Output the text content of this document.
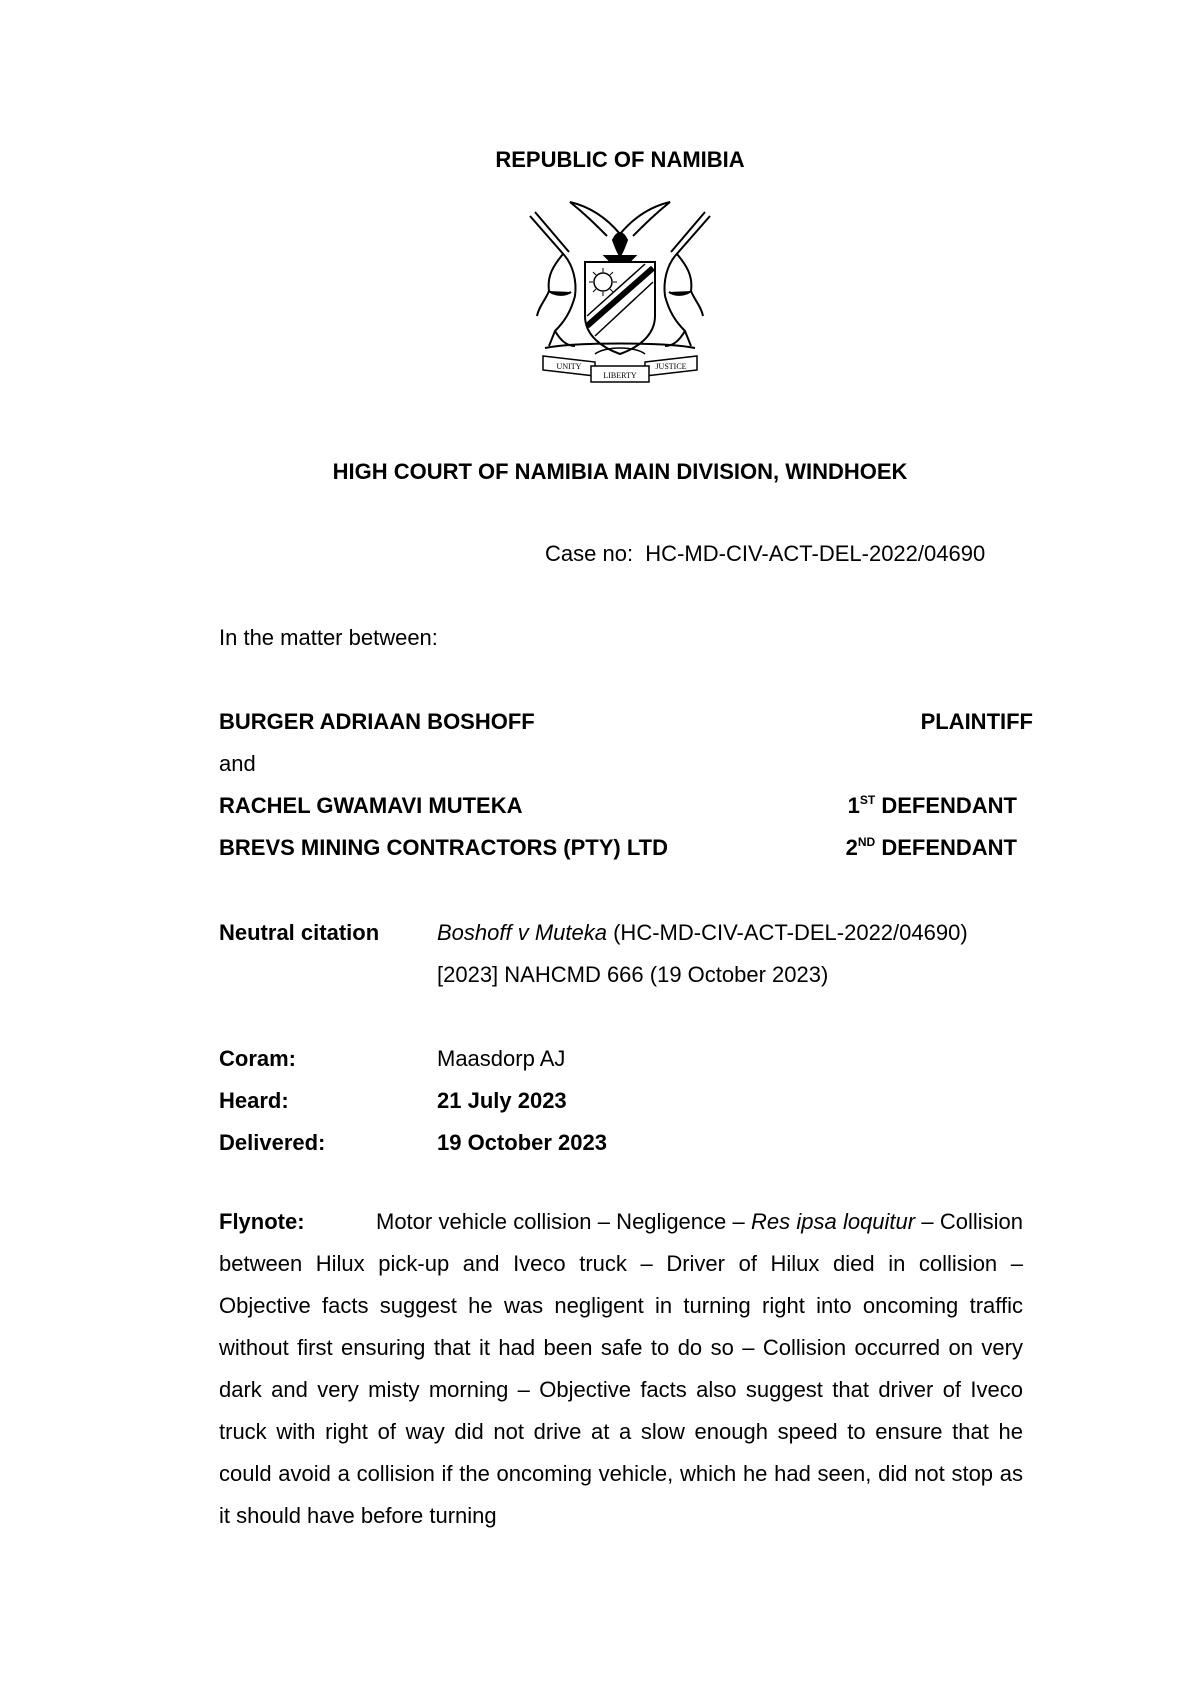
REPUBLIC OF NAMIBIA
UNITY
LIBERTY
JUSTICE
HIGH COURT OF NAMIBIA MAIN DIVISION, WINDHOEK
Case no: HC-MD-CIV-ACT-DEL-2022/04690
In the matter between:
BURGER ADRIAAN BOSHOFF	PLAINTIFF
and
RACHEL GWAMAVI MUTEKA	1ST DEFENDANT
BREVS MINING CONTRACTORS (PTY) LTD	2ND DEFENDANT
Neutral citation	Boshoff v Muteka (HC-MD-CIV-ACT-DEL-2022/04690)
[2023] NAHCMD 666 (19 October 2023)
Coram:	Maasdorp AJ
Heard:	21 July 2023
Delivered:	19 October 2023
Flynote:	Motor vehicle collision – Negligence – Res ipsa loquitur – Collision between Hilux pick-up and Iveco truck – Driver of Hilux died in collision – Objective facts suggest he was negligent in turning right into oncoming traffic without first ensuring that it had been safe to do so – Collision occurred on very dark and very misty morning – Objective facts also suggest that driver of Iveco truck with right of way did not drive at a slow enough speed to ensure that he could avoid a collision if the oncoming vehicle, which he had seen, did not stop as it should have before turning
